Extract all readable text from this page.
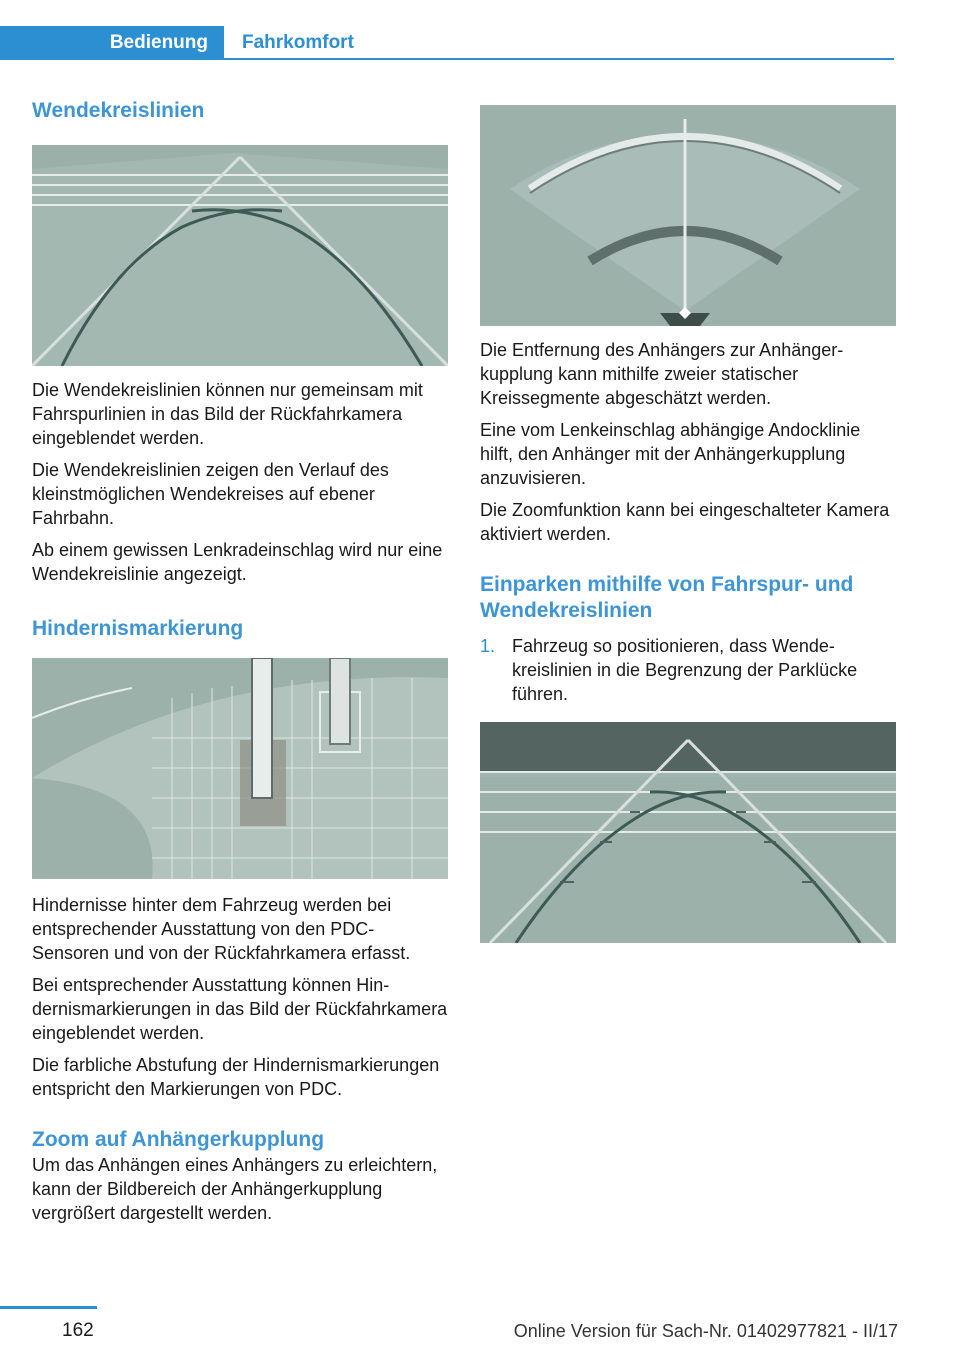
Bedienung	Fahrkomfort
Wendekreislinien

Die Wendekreislinien können nur gemeinsam mit Fahrspurlinien in das Bild der Rückfahrkamera eingeblendet werden.

Die Wendekreislinien zeigen den Verlauf des kleinstmöglichen Wendekreises auf ebener Fahrbahn.

Ab einem gewissen Lenkradeinschlag wird nur eine Wendekreislinie angezeigt.

Hindernismarkierung

Hindernisse hinter dem Fahrzeug werden bei entsprechender Ausstattung von den PDC-Sensoren und von der Rückfahrkamera erfasst.

Bei entsprechender Ausstattung können Hindernismarkierungen in das Bild der Rückfahrkamera eingeblendet werden.

Die farbliche Abstufung der Hindernismarkierungen entspricht den Markierungen von PDC.

Zoom auf Anhängerkupplung

Um das Anhängen eines Anhängers zu erleichtern, kann der Bildbereich der Anhängerkupplung vergrößert dargestellt werden.

Die Entfernung des Anhängers zur Anhängerkupplung kann mithilfe zweier statischer Kreissegmente abgeschätzt werden.

Eine vom Lenkeinschlag abhängige Andocklinie hilft, den Anhänger mit der Anhängerkupplung anzuvisieren.

Die Zoomfunktion kann bei eingeschalteter Kamera aktiviert werden.

Einparken mithilfe von Fahrspur- und Wendekreislinien
1. Fahrzeug so positionieren, dass Wendekreislinien in die Begrenzung der Parklücke führen.
162	Online Version für Sach-Nr. 01402977821 - II/17
